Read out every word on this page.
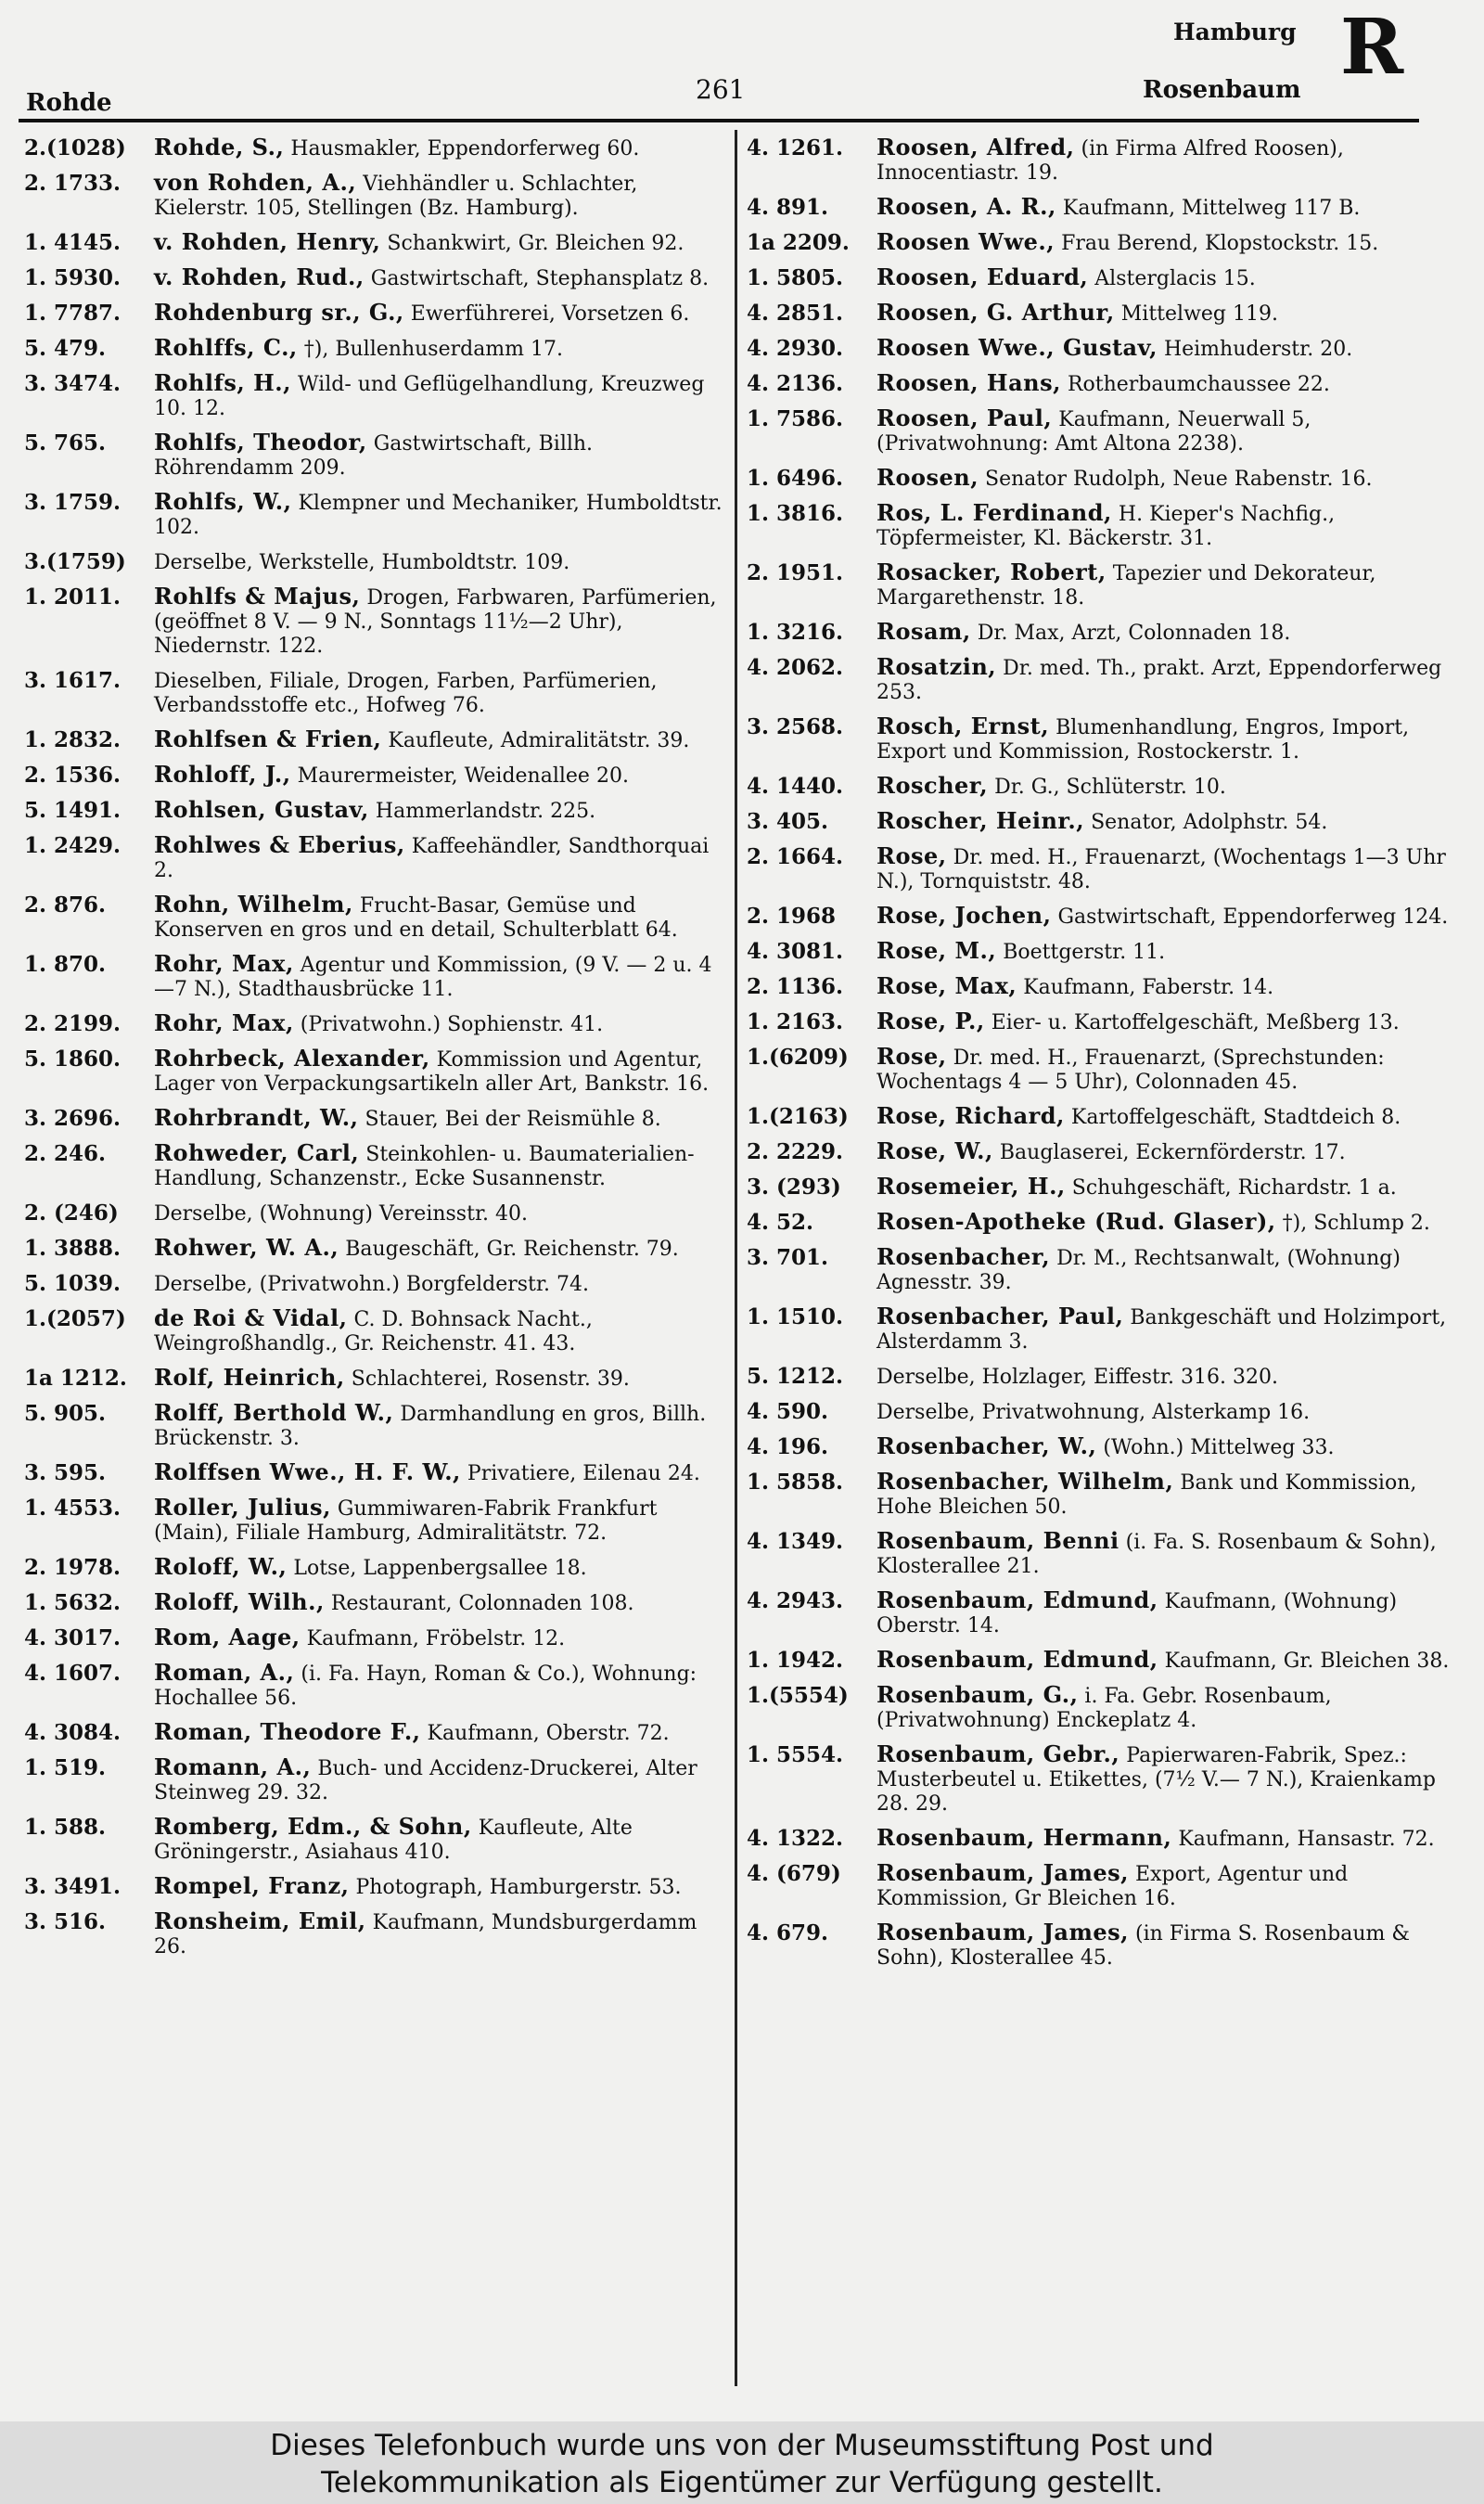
Rohde	261
Hamburg R
Rosenbaum
2.(1028) Rohde, S., Hausmakler, Eppendorferweg 60.
2. 1733. von Rohden, A., Viehhändler u. Schlachter, Kielerstr. 105, Stellingen (Bz. Hamburg).
1. 4145. v. Rohden, Henry, Schankwirt, Gr. Bleichen 92.
1. 5930. v. Rohden, Rud., Gastwirtschaft, Stephansplatz 8.
1. 7787. Rohdenburg sr., G., Ewerführerei, Vorsetzen 6.
5. 479. Rohlffs, C., †), Bullenhuserdamm 17.
3. 3474. Rohlfs, H., Wild- und Geflügelhandlung, Kreuzweg 10. 12.
5. 765. Rohlfs, Theodor, Gastwirtschaft, Billh. Röhrendamm 209.
3. 1759. Rohlfs, W., Klempner und Mechaniker, Humboldtstr. 102.
3.(1759) Derselbe, Werkstelle, Humboldtstr. 109.
1. 2011. Rohlfs & Majus, Drogen, Farbwaren, Parfümerien, (geöffnet 8 V. — 9 N., Sonntags 11½—2 Uhr), Niedernstr. 122.
3. 1617. Dieselben, Filiale, Drogen, Farben, Parfümerien, Verbandsstoffe etc., Hofweg 76.
1. 2832. Rohlfsen & Frien, Kaufleute, Admiralitätstr. 39.
2. 1536. Rohloff, J., Maurermeister, Weidenallee 20.
5. 1491. Rohlsen, Gustav, Hammerlandstr. 225.
1. 2429. Rohlwes & Eberius, Kaffeehändler, Sandthorquai 2.
2. 876. Rohn, Wilhelm, Frucht-Basar, Gemüse und Konserven en gros und en detail, Schulterblatt 64.
1. 870. Rohr, Max, Agentur und Kommission, (9 V. — 2 u. 4—7 N.), Stadthausbrücke 11.
2. 2199. Rohr, Max, (Privatwohn.) Sophienstr. 41.
5. 1860. Rohrbeck, Alexander, Kommission und Agentur, Lager von Verpackungsartikeln aller Art, Bankstr. 16.
3. 2696. Rohrbrandt, W., Stauer, Bei der Reismühle 8.
2. 246. Rohweder, Carl, Steinkohlen- u. Baumaterialien-Handlung, Schanzenstr., Ecke Susannenstr.
2. (246) Derselbe, (Wohnung) Vereinsstr. 40.
1. 3888. Rohwer, W. A., Baugeschäft, Gr. Reichenstr. 79.
5. 1039. Derselbe, (Privatwohn.) Borgfelderstr. 74.
1.(2057) de Roi & Vidal, C. D. Bohnsack Nacht., Weingroßhandlg., Gr. Reichenstr. 41. 43.
1a 1212. Rolf, Heinrich, Schlachterei, Rosenstr. 39.
5. 905. Rolff, Berthold W., Darmhandlung en gros, Billh. Brückenstr. 3.
3. 595. Rolffsen Wwe., H. F. W., Privatiere, Eilenau 24.
1. 4553. Roller, Julius, Gummiwaren-Fabrik Frankfurt (Main), Filiale Hamburg, Admiralitätstr. 72.
2. 1978. Roloff, W., Lotse, Lappenbergsallee 18.
1. 5632. Roloff, Wilh., Restaurant, Colonnaden 108.
4. 3017. Rom, Aage, Kaufmann, Fröbelstr. 12.
4. 1607. Roman, A., (i. Fa. Hayn, Roman & Co.), Wohnung: Hochallee 56.
4. 3084. Roman, Theodore F., Kaufmann, Oberstr. 72.
1. 519. Romann, A., Buch- und Accidenz-Druckerei, Alter Steinweg 29. 32.
1. 588. Romberg, Edm., & Sohn, Kaufleute, Alte Gröningerstr., Asiahaus 410.
3. 3491. Rompel, Franz, Photograph, Hamburgerstr. 53.
3. 516. Ronsheim, Emil, Kaufmann, Mundsburgerdamm 26.
4. 1261. Roosen, Alfred, (in Firma Alfred Roosen), Innocentiastr. 19.
4. 891. Roosen, A. R., Kaufmann, Mittelweg 117 B.
1a 2209. Roosen Wwe., Frau Berend, Klopstockstr. 15.
1. 5805. Roosen, Eduard, Alsterglacis 15.
4. 2851. Roosen, G. Arthur, Mittelweg 119.
4. 2930. Roosen Wwe., Gustav, Heimhuderstr. 20.
4. 2136. Roosen, Hans, Rotherbaumchaussee 22.
1. 7586. Roosen, Paul, Kaufmann, Neuerwall 5, (Privatwohnung: Amt Altona 2238).
1. 6496. Roosen, Senator Rudolph, Neue Rabenstr. 16.
1. 3816. Ros, L. Ferdinand, H. Kieper's Nachfig., Töpfermeister, Kl. Bäckerstr. 31.
2. 1951. Rosacker, Robert, Tapezier und Dekorateur, Margarethenstr. 18.
1. 3216. Rosam, Dr. Max, Arzt, Colonnaden 18.
4. 2062. Rosatzin, Dr. med. Th., prakt. Arzt, Eppendorferweg 253.
3. 2568. Rosch, Ernst, Blumenhandlung, Engros, Import, Export und Kommission, Rostockerstr. 1.
4. 1440. Roscher, Dr. G., Schlüterstr. 10.
3. 405. Roscher, Heinr., Senator, Adolphstr. 54.
2. 1664. Rose, Dr. med. H., Frauenarzt, (Wochentags 1—3 Uhr N.), Tornquiststr. 48.
2. 1968 Rose, Jochen, Gastwirtschaft, Eppendorferweg 124.
4. 3081. Rose, M., Boettgerstr. 11.
2. 1136. Rose, Max, Kaufmann, Faberstr. 14.
1. 2163. Rose, P., Eier- u. Kartoffelgeschäft, Meßberg 13.
1.(6209) Rose, Dr. med. H., Frauenarzt, (Sprechstunden: Wochentags 4 — 5 Uhr), Colonnaden 45.
1.(2163) Rose, Richard, Kartoffelgeschäft, Stadtdeich 8.
2. 2229. Rose, W., Bauglaserei, Eckernförderstr. 17.
3. (293) Rosemeier, H., Schuhgeschäft, Richardstr. 1 a.
4. 52.	Rosen-Apotheke (Rud. Glaser), †), Schlump 2.
3. 701. Rosenbacher, Dr. M., Rechtsanwalt, (Wohnung) Agnesstr. 39.
1. 1510. Rosenbacher, Paul, Bankgeschäft und Holzimport, Alsterdamm 3.
5. 1212. Derselbe, Holzlager, Eiffestr. 316. 320.
4. 590. Derselbe, Privatwohnung, Alsterkamp 16.
4. 196. Rosenbacher, W., (Wohn.) Mittelweg 33.
1. 5858. Rosenbacher, Wilhelm, Bank und Kommission, Hohe Bleichen 50.
4. 1349. Rosenbaum, Benni (i. Fa. S. Rosenbaum & Sohn), Klosterallee 21.
4. 2943. Rosenbaum, Edmund, Kaufmann, (Wohnung) Oberstr. 14.
1. 1942. Rosenbaum, Edmund, Kaufmann, Gr. Bleichen 38.
1.(5554) Rosenbaum, G., i. Fa. Gebr. Rosenbaum, (Privatwohnung) Enckeplatz 4.
1. 5554. Rosenbaum, Gebr., Papierwaren-Fabrik, Spez.: Musterbeutel u. Etikettes, (7½ V.— 7 N.), Kraienkamp 28. 29.
4. 1322. Rosenbaum, Hermann, Kaufmann, Hansastr. 72.
4. (679) Rosenbaum, James, Export, Agentur und Kommission, Gr Bleichen 16.
4. 679. Rosenbaum, James, (in Firma S. Rosenbaum & Sohn), Klosterallee 45.
Dieses Telefonbuch wurde uns von der Museumsstiftung Post und
Telekommunikation als Eigentümer zur Verfügung gestellt.
